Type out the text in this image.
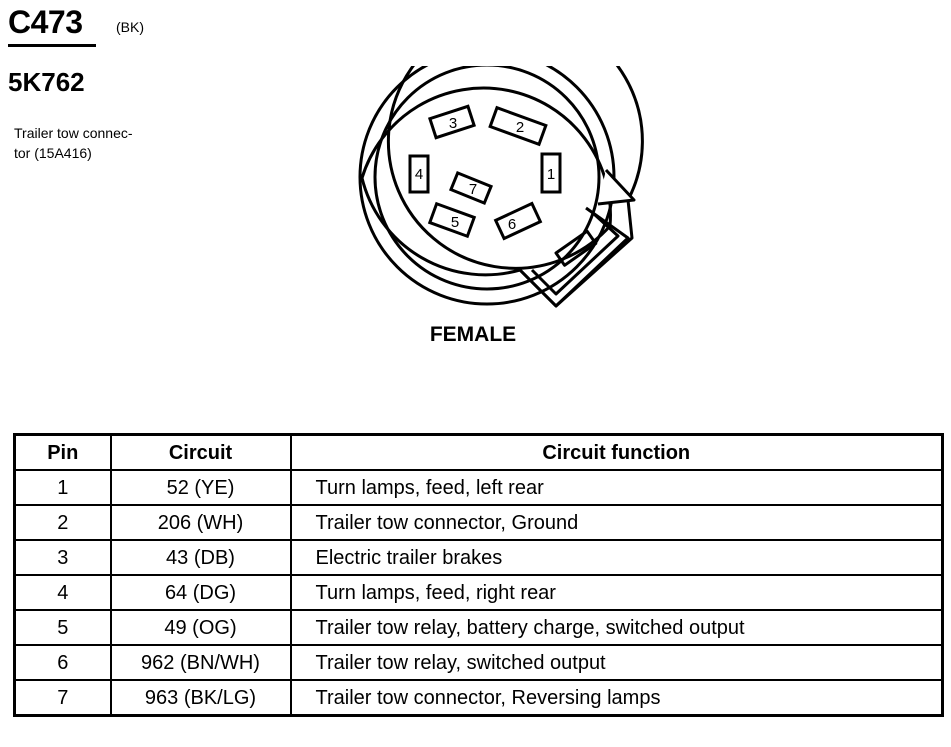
C473 (BK)
5K762

Trailer tow connec-
tor (15A416)

1
2
3
4
5	6
7
FEMALE
Pin	Circuit	Circuit function
1	52 (YE)	Turn lamps, feed, left rear
2	206 (WH)	Trailer tow connector, Ground
3	43 (DB)	Electric trailer brakes
4	64 (DG)	Turn lamps, feed, right rear
5	49 (OG)	Trailer tow relay, battery charge, switched output
6	962 (BN/WH)	Trailer tow relay, switched output
7	963 (BK/LG)	Trailer tow connector, Reversing lamps
